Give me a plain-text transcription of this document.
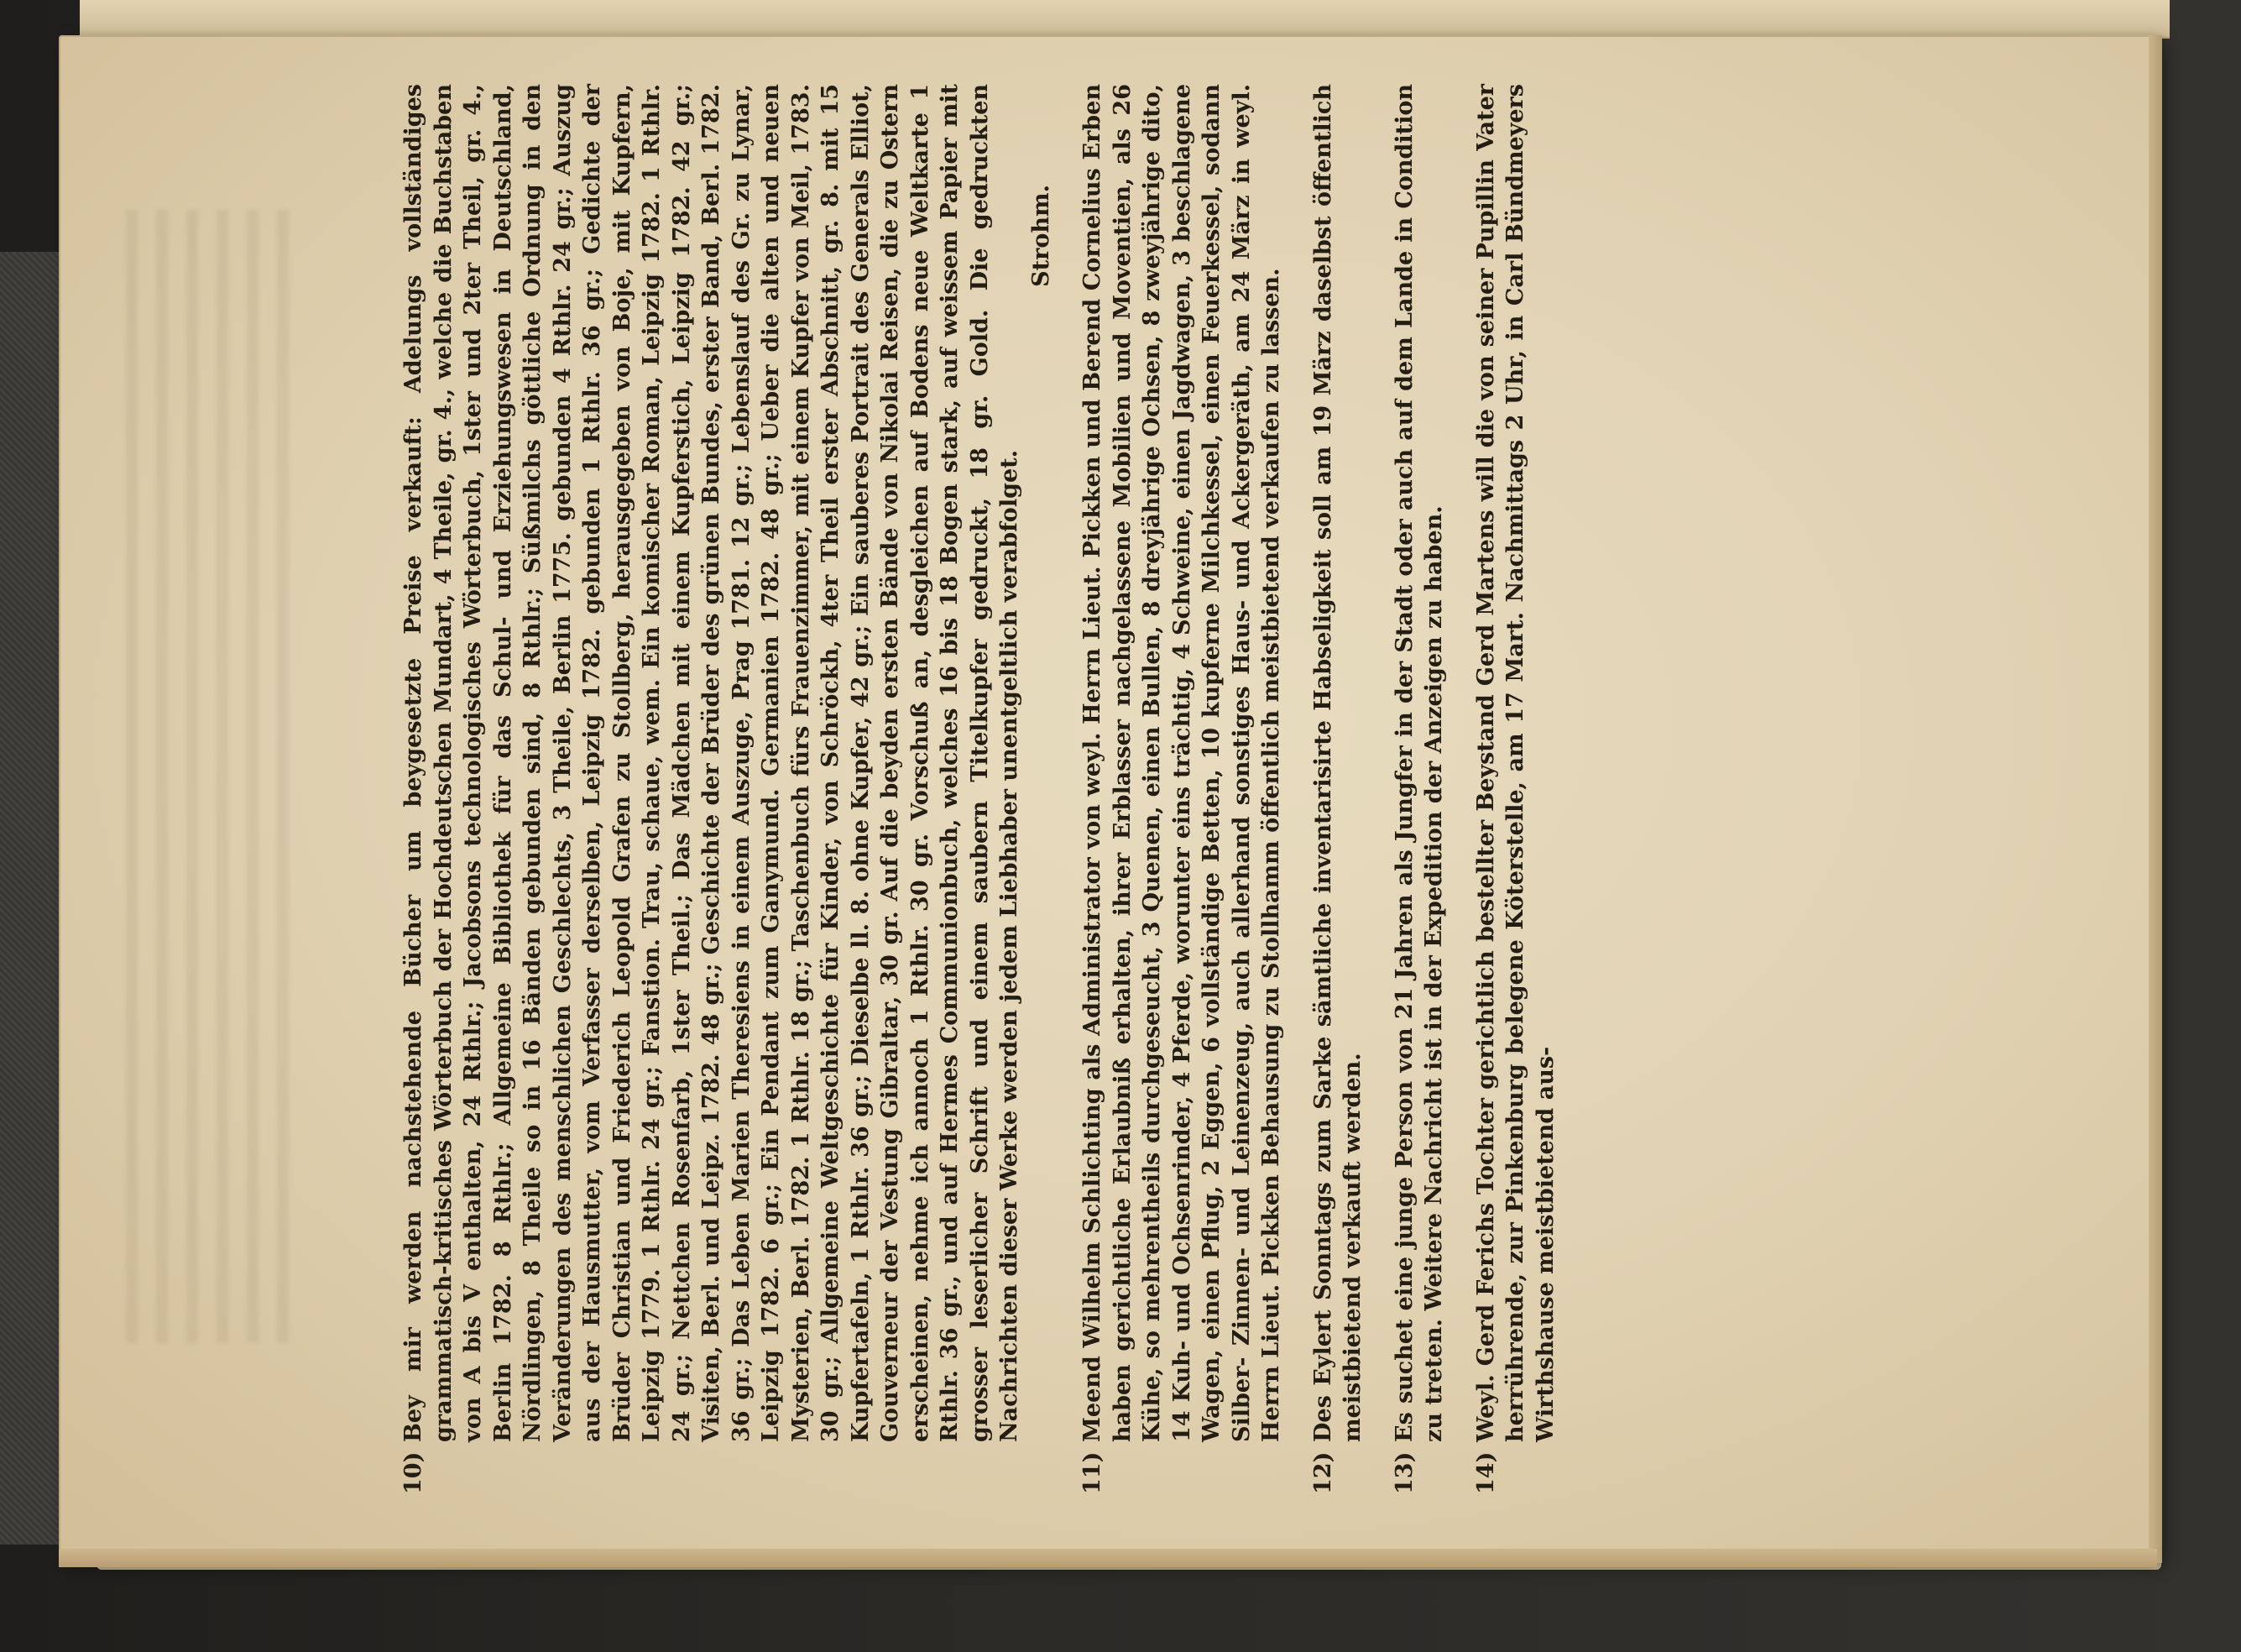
10)
Bey mir werden nachstehende Bücher um beygesetzte Preise verkauft: Adelungs vollständiges grammatisch-kritisches Wörterbuch der Hochdeutschen Mundart, 4 Theile, gr. 4., welche die Buchstaben von A bis V enthalten, 24 Rthlr.; Jacobsons technologisches Wörterbuch, 1ster und 2ter Theil, gr. 4., Berlin 1782. 8 Rthlr.; Allgemeine Bibliothek für das Schul- und Erziehungswesen in Deutschland, Nördlingen, 8 Theile so in 16 Bänden gebunden sind, 8 Rthlr.; Süßmilchs göttliche Ordnung in den Veränderungen des menschlichen Geschlechts, 3 Theile, Berlin 1775. gebunden 4 Rthlr. 24 gr.; Auszug aus der Hausmutter, vom Verfasser derselben, Leipzig 1782. gebunden 1 Rthlr. 36 gr.; Gedichte der Brüder Christian und Friederich Leopold Grafen zu Stollberg, herausgegeben von Boje, mit Kupfern, Leipzig 1779. 1 Rthlr. 24 gr.; Fanstion. Trau, schaue, wem. Ein komischer Roman, Leipzig 1782. 1 Rthlr. 24 gr.; Nettchen Rosenfarb, 1ster Theil.; Das Mädchen mit einem Kupferstich, Leipzig 1782. 42 gr.; Visiten, Berl. und Leipz. 1782. 48 gr.; Geschichte der Brüder des grünen Bundes, erster Band, Berl. 1782. 36 gr.; Das Leben Marien Theresiens in einem Auszuge, Prag 1781. 12 gr.; Lebenslauf des Gr. zu Lynar, Leipzig 1782. 6 gr.; Ein Pendant zum Ganymund. Germanien 1782. 48 gr.; Ueber die alten und neuen Mysterien, Berl. 1782. 1 Rthlr. 18 gr.; Taschenbuch fürs Frauenzimmer, mit einem Kupfer von Meil, 1783. 30 gr.; Allgemeine Weltgeschichte für Kinder, von Schröckh, 4ter Theil erster Abschnitt, gr. 8. mit 15 Kupfertafeln, 1 Rthlr. 36 gr.; Dieselbe ll. 8. ohne Kupfer, 42 gr.; Ein sauberes Portrait des Generals Elliot, Gouverneur der Vestung Gibraltar, 30 gr. Auf die beyden ersten Bände von Nikolai Reisen, die zu Ostern erscheinen, nehme ich annoch 1 Rthlr. 30 gr. Vorschuß an, desgleichen auf Bodens neue Weltkarte 1 Rthlr. 36 gr., und auf Hermes Communionbuch, welches 16 bis 18 Bogen stark, auf weissem Papier mit grosser leserlicher Schrift und einem saubern Titelkupfer gedruckt, 18 gr. Gold. Die gedruckten Nachrichten dieser Werke werden jedem Liebhaber unentgeltlich verabfolget.
Strohm.
11)
Meend Wilhelm Schlichting als Administrator von weyl. Herrn Lieut. Pickken und Berend Cornelius Erben haben gerichtliche Erlaubniß erhalten, ihrer Erblasser nachgelassene Mobilien und Moventien, als 26 Kühe, so mehrentheils durchgeseucht, 3 Quenen, einen Bullen, 8 dreyjährige Ochsen, 8 zweyjährige dito, 14 Kuh- und Ochsenrinder, 4 Pferde, worunter eins trächtig, 4 Schweine, einen Jagdwagen, 3 beschlagene Wagen, einen Pflug, 2 Eggen, 6 vollständige Betten, 10 kupferne Milchkessel, einen Feuerkessel, sodann Silber- Zinnen- und Leinenzeug, auch allerhand sonstiges Haus- und Ackergeräth, am 24 März in weyl. Herrn Lieut. Pickken Behausung zu Stollhamm öffentlich meistbietend verkaufen zu lassen.
12)
Des Eylert Sonntags zum Sarke sämtliche inventarisirte Habseligkeit soll am 19 März daselbst öffentlich meistbietend verkauft werden.
13)
Es suchet eine junge Person von 21 Jahren als Jungfer in der Stadt oder auch auf dem Lande in Condition zu treten. Weitere Nachricht ist in der Expedition der Anzeigen zu haben.
14)
Weyl. Gerd Ferichs Tochter gerichtlich bestellter Beystand Gerd Martens will die von seiner Pupillin Vater herrührende, zur Pinkenburg belegene Köterstelle, am 17 Mart. Nachmittags 2 Uhr, in Carl Bündmeyers Wirthshause meistbietend aus-
